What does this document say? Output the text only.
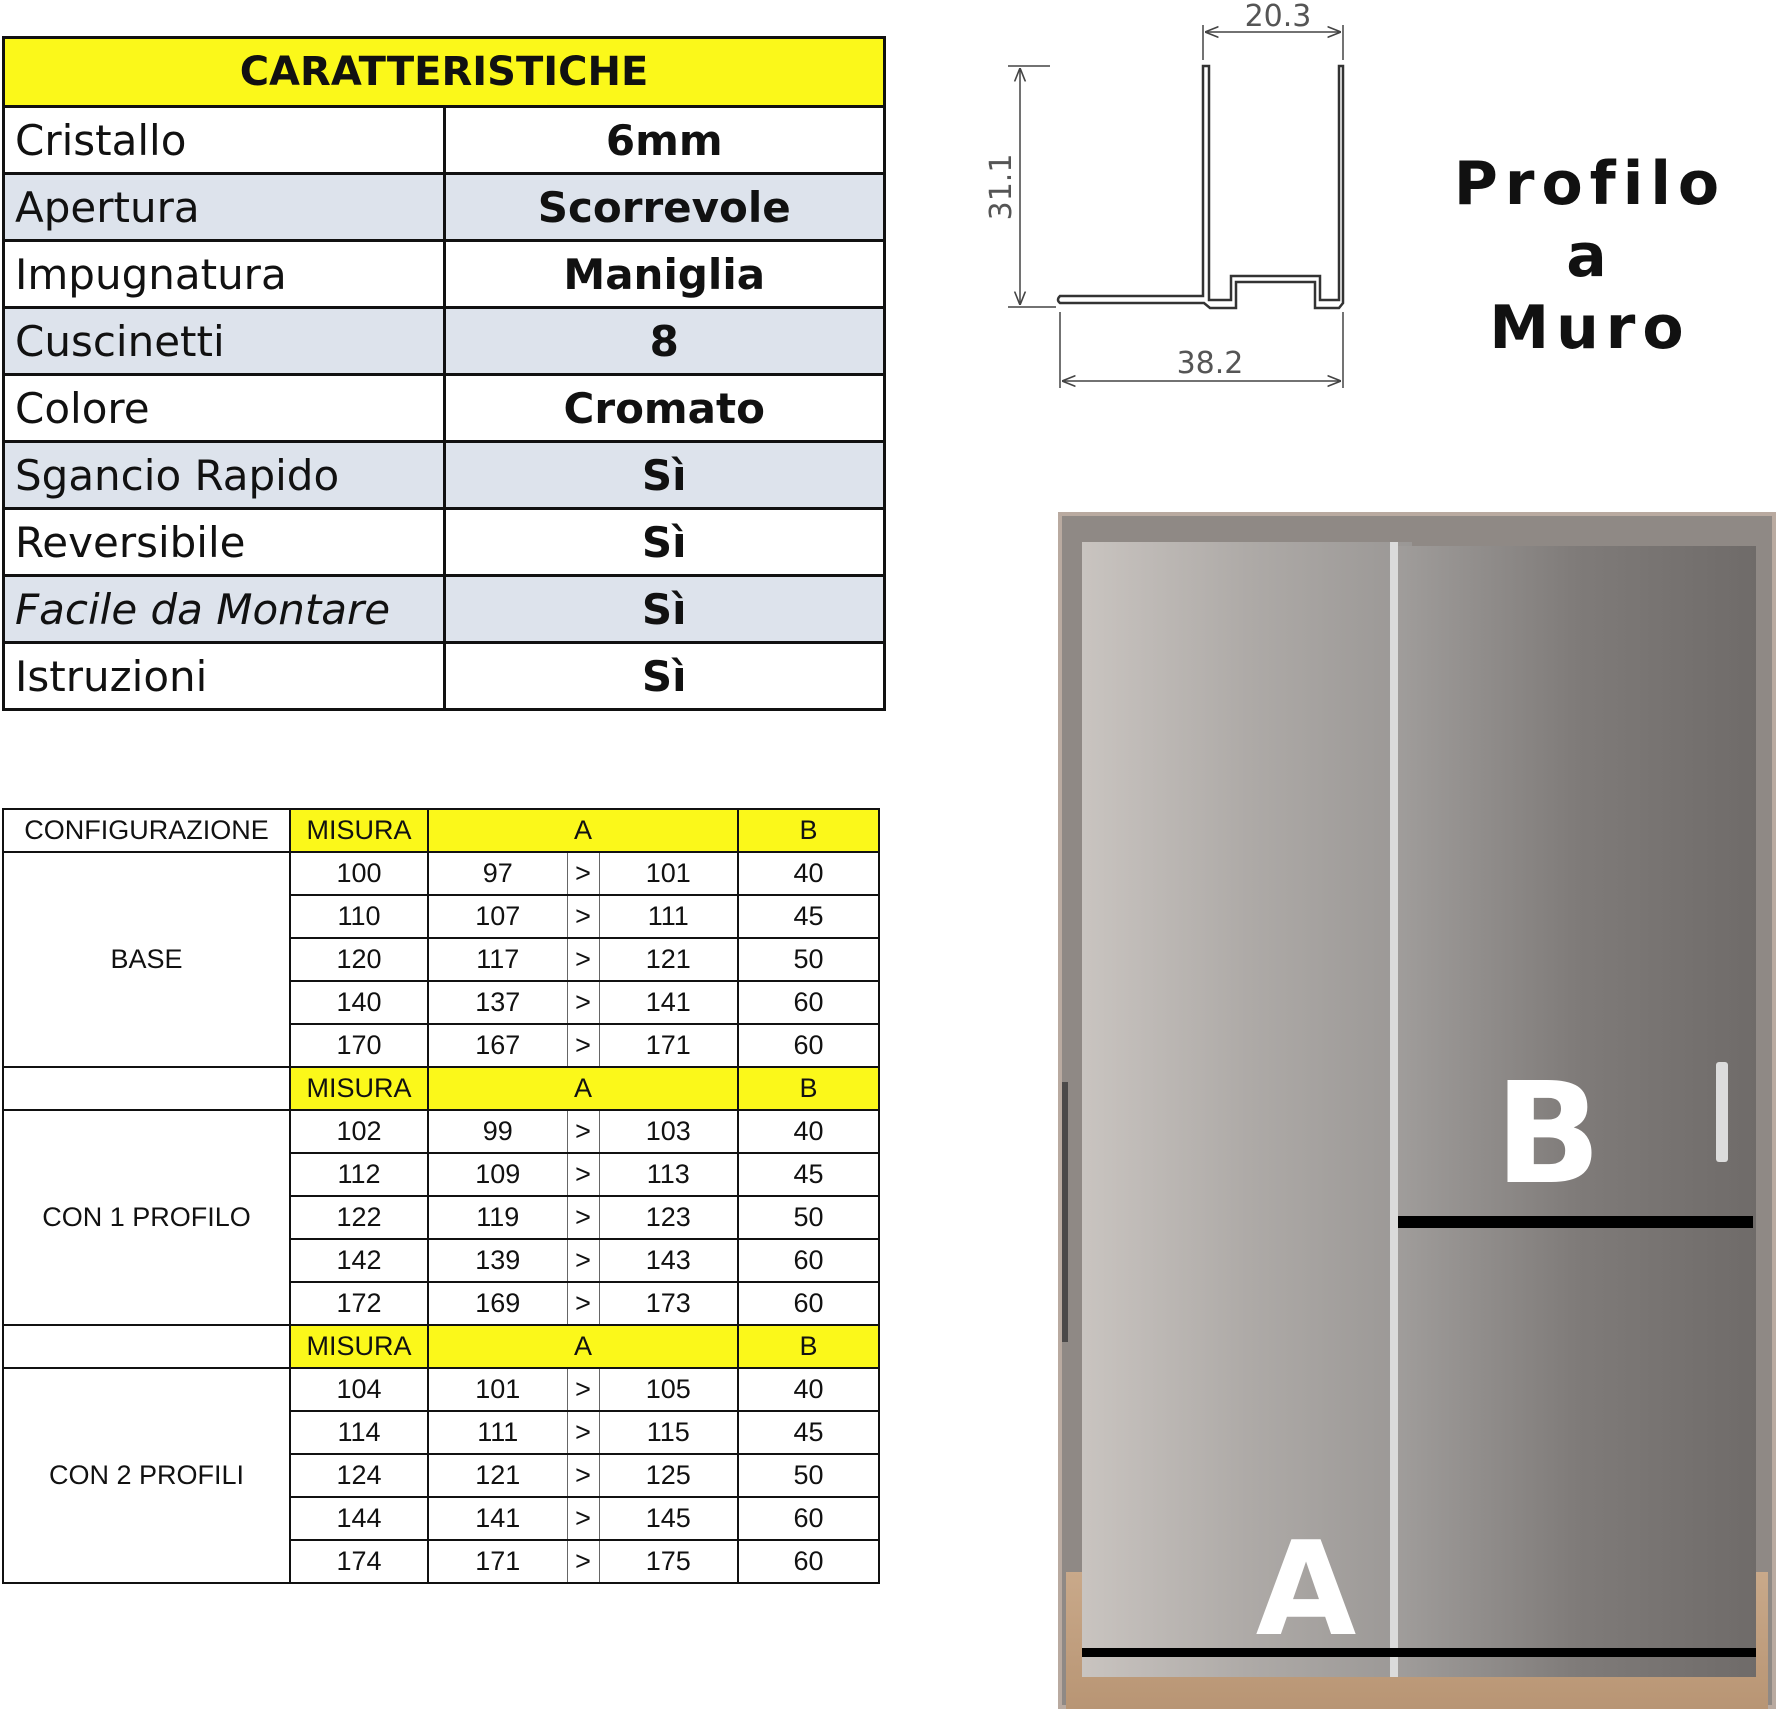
CARATTERISTICHE	
Cristallo	6mm
Apertura	Scorrevole
Impugnatura	Maniglia
Cuscinetti	8
Colore	Cromato
Sgancio Rapido	Sì
Reversibile	Sì
Facile da Montare	Sì
Istruzioni	Sì
CONFIGURAZIONE	MISURA	A			B
BASE	100	97	>	101	40
	110	107	>	111	45
	120	117	>	121	50
	140	137	>	141	60
	170	167	>	171	60
	MISURA	A			B
CON 1 PROFILO	102	99	>	103	40
	112	109	>	113	45
	122	119	>	123	50
	142	139	>	143	60
	172	169	>	173	60
	MISURA	A			B
CON 2 PROFILI	104	101	>	105	40
	114	111	>	115	45
	124	121	>	125	50
	144	141	>	145	60
	174	171	>	175	60
20.3
31.1
38.2
Profilo a
Muro
B
A
